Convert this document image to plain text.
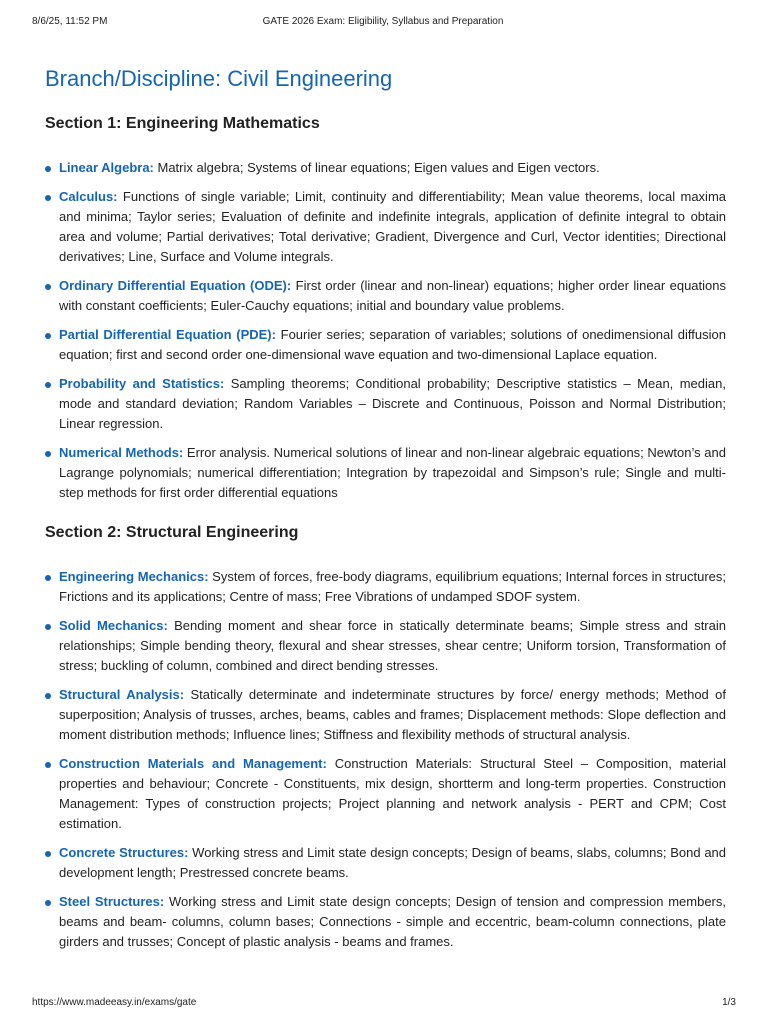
8/6/25, 11:52 PM	GATE 2026 Exam: Eligibility, Syllabus and Preparation
Branch/Discipline: Civil Engineering
Section 1: Engineering Mathematics
Linear Algebra: Matrix algebra; Systems of linear equations; Eigen values and Eigen vectors.
Calculus: Functions of single variable; Limit, continuity and differentiability; Mean value theorems, local maxima and minima; Taylor series; Evaluation of definite and indefinite integrals, application of definite integral to obtain area and volume; Partial derivatives; Total derivative; Gradient, Divergence and Curl, Vector identities; Directional derivatives; Line, Surface and Volume integrals.
Ordinary Differential Equation (ODE): First order (linear and non-linear) equations; higher order linear equations with constant coefficients; Euler-Cauchy equations; initial and boundary value problems.
Partial Differential Equation (PDE): Fourier series; separation of variables; solutions of onedimensional diffusion equation; first and second order one-dimensional wave equation and two-dimensional Laplace equation.
Probability and Statistics: Sampling theorems; Conditional probability; Descriptive statistics – Mean, median, mode and standard deviation; Random Variables – Discrete and Continuous, Poisson and Normal Distribution; Linear regression.
Numerical Methods: Error analysis. Numerical solutions of linear and non-linear algebraic equations; Newton’s and Lagrange polynomials; numerical differentiation; Integration by trapezoidal and Simpson’s rule; Single and multi-step methods for first order differential equations
Section 2: Structural Engineering
Engineering Mechanics: System of forces, free-body diagrams, equilibrium equations; Internal forces in structures; Frictions and its applications; Centre of mass; Free Vibrations of undamped SDOF system.
Solid Mechanics: Bending moment and shear force in statically determinate beams; Simple stress and strain relationships; Simple bending theory, flexural and shear stresses, shear centre; Uniform torsion, Transformation of stress; buckling of column, combined and direct bending stresses.
Structural Analysis: Statically determinate and indeterminate structures by force/ energy methods; Method of superposition; Analysis of trusses, arches, beams, cables and frames; Displacement methods: Slope deflection and moment distribution methods; Influence lines; Stiffness and flexibility methods of structural analysis.
Construction Materials and Management: Construction Materials: Structural Steel – Composition, material properties and behaviour; Concrete - Constituents, mix design, shortterm and long-term properties. Construction Management: Types of construction projects; Project planning and network analysis - PERT and CPM; Cost estimation.
Concrete Structures: Working stress and Limit state design concepts; Design of beams, slabs, columns; Bond and development length; Prestressed concrete beams.
Steel Structures: Working stress and Limit state design concepts; Design of tension and compression members, beams and beam- columns, column bases; Connections - simple and eccentric, beam-column connections, plate girders and trusses; Concept of plastic analysis - beams and frames.
https://www.madeeasy.in/exams/gate	1/3
